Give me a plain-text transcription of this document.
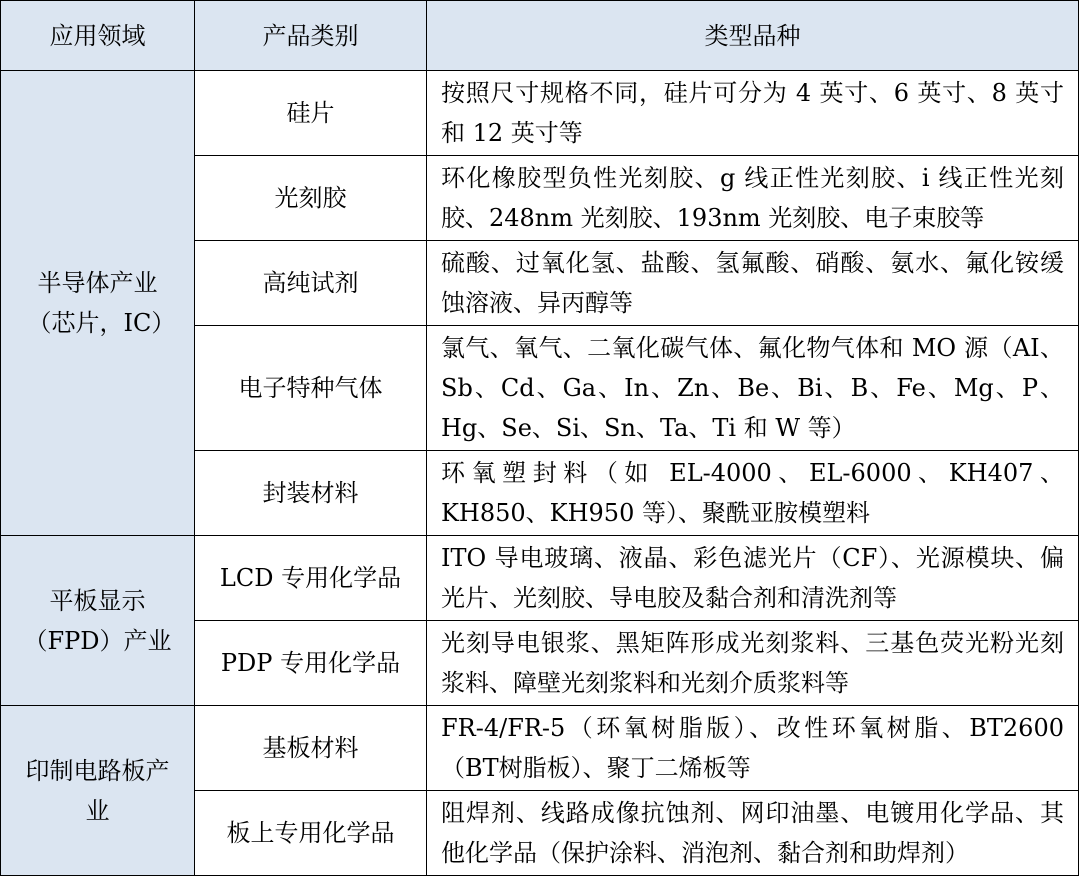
应用领域	产品类别	类型品种

半导体产业（芯片，IC）	硅片	按照尺寸规格不同，硅片可分为 4 英寸、6 英寸、8 英寸和 12 英寸等
	光刻胶	环化橡胶型负性光刻胶、g 线正性光刻胶、i 线正性光刻胶、248nm 光刻胶、193nm 光刻胶、电子束胶等
	高纯试剂	硫酸、过氧化氢、盐酸、氢氟酸、硝酸、氨水、氟化铵缓蚀溶液、异丙醇等
	电子特种气体	氯气、氧气、二氧化碳气体、氟化物气体和 MO 源（AI、Sb、Cd、Ga、In、Zn、Be、Bi、B、Fe、Mg、P、Hg、Se、Si、Sn、Ta、Ti 和 W 等）
	封装材料	环氧塑封料（如 EL-4000、EL-6000、KH407、KH850、KH950 等）、聚酰亚胺模塑料

平板显示（FPD）产业	LCD 专用化学品	ITO 导电玻璃、液晶、彩色滤光片（CF）、光源模块、偏光片、光刻胶、导电胶及黏合剂和清洗剂等
	PDP 专用化学品	光刻导电银浆、黑矩阵形成光刻浆料、三基色荧光粉光刻浆料、障壁光刻浆料和光刻介质浆料等

印制电路板产业	基板材料	FR-4/FR-5（环氧树脂版）、改性环氧树脂、BT2600（BT树脂板）、聚丁二烯板等
	板上专用化学品	阻焊剂、线路成像抗蚀剂、网印油墨、电镀用化学品、其他化学品（保护涂料、消泡剂、黏合剂和助焊剂）
